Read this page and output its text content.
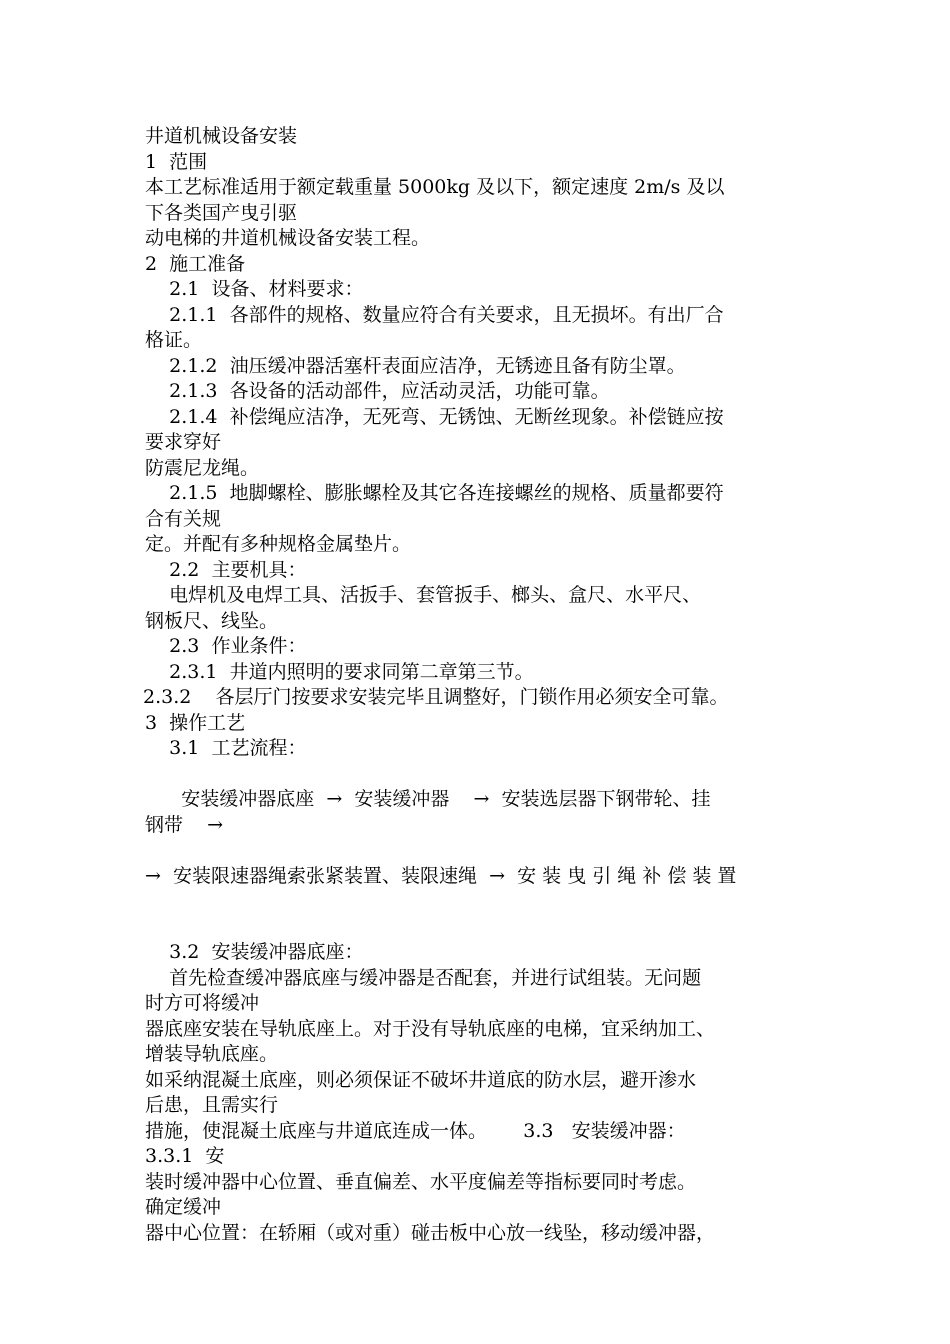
井道机械设备安装
1  范围
本工艺标准适用于额定载重量 5000kg 及以下，额定速度 2m/s 及以
下各类国产曳引驱
动电梯的井道机械设备安装工程。
2  施工准备
2.1  设备、材料要求：
2.1.1  各部件的规格、数量应符合有关要求，且无损坏。有出厂合
格证。
2.1.2  油压缓冲器活塞杆表面应洁净，无锈迹且备有防尘罩。
2.1.3  各设备的活动部件，应活动灵活，功能可靠。
2.1.4  补偿绳应洁净，无死弯、无锈蚀、无断丝现象。补偿链应按
要求穿好
防震尼龙绳。
2.1.5  地脚螺栓、膨胀螺栓及其它各连接螺丝的规格、质量都要符
合有关规
定。并配有多种规格金属垫片。
2.2  主要机具：
电焊机及电焊工具、活扳手、套管扳手、榔头、盒尺、水平尺、
钢板尺、线坠。
2.3  作业条件：
2.3.1  井道内照明的要求同第二章第三节。
2.3.2    各层厅门按要求安装完毕且调整好，门锁作用必须安全可靠。
3  操作工艺
3.1  工艺流程：
安装缓冲器底座  →  安装缓冲器    →  安装选层器下钢带轮、挂
钢带    →
→  安装限速器绳索张紧装置、装限速绳  →  安 装 曳 引 绳 补 偿 装 置
3.2  安装缓冲器底座：
首先检查缓冲器底座与缓冲器是否配套，并进行试组装。无问题
时方可将缓冲
器底座安装在导轨底座上。对于没有导轨底座的电梯，宜采纳加工、
增装导轨底座。
如采纳混凝土底座，则必须保证不破坏井道底的防水层，避开渗水
后患，且需实行
措施，使混凝土底座与井道底连成一体。      3.3   安装缓冲器：
3.3.1  安
装时缓冲器中心位置、垂直偏差、水平度偏差等指标要同时考虑。
确定缓冲
器中心位置：在轿厢（或对重）碰击板中心放一线坠，移动缓冲器，
